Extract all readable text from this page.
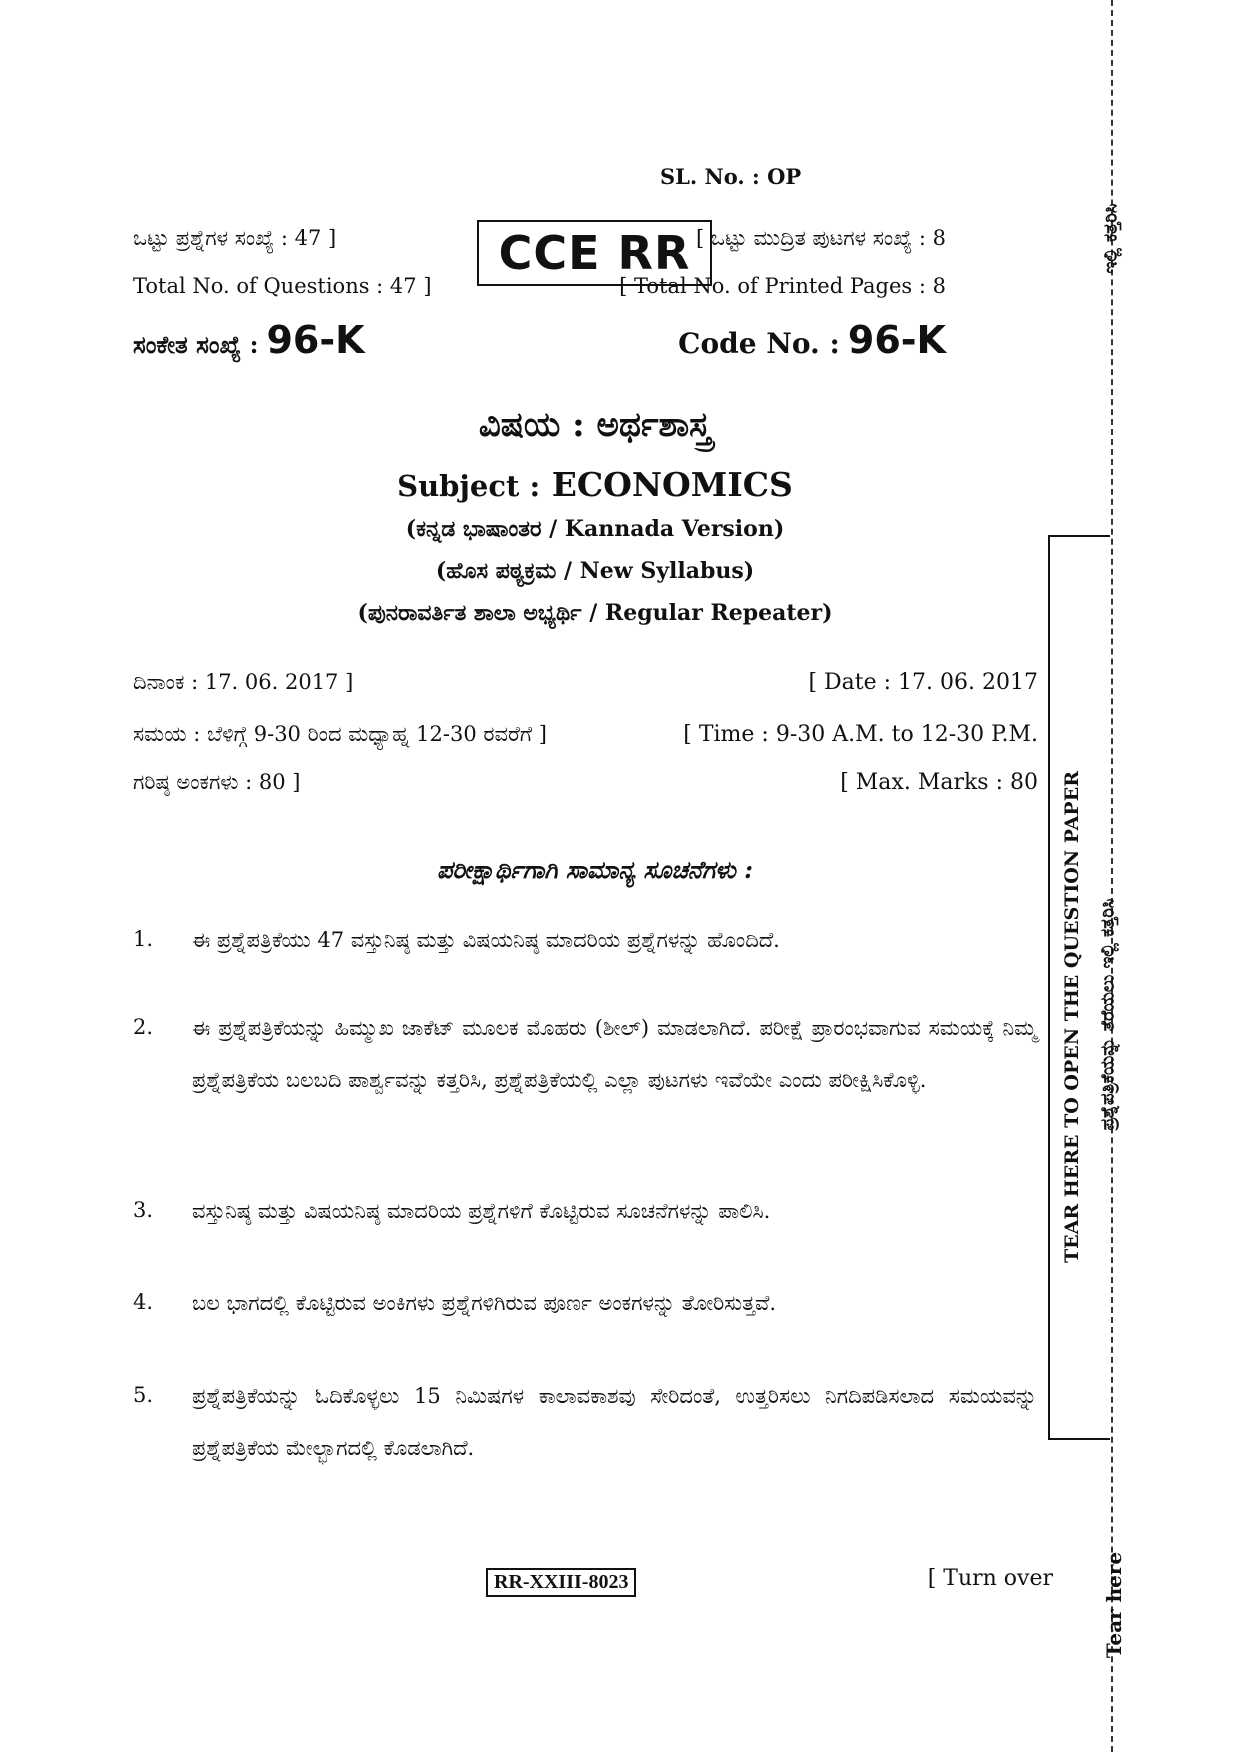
SL. No. : OP
ಒಟ್ಟು ಪ್ರಶ್ನೆಗಳ ಸಂಖ್ಯೆ : 47 ]
Total No. of Questions : 47 ]
CCE RR [ ಒಟ್ಟು ಮುದ್ರಿತ ಪುಟಗಳ ಸಂಖ್ಯೆ : 8
[ Total No. of Printed Pages : 8
ಸಂಕೇತ ಸಂಖ್ಯೆ : 96-K	Code No. : 96-K
ವಿಷಯ : ಅರ್ಥಶಾಸ್ತ್ರ
Subject : ECONOMICS
(ಕನ್ನಡ ಭಾಷಾಂತರ / Kannada Version)
(ಹೊಸ ಪಠ್ಯಕ್ರಮ / New Syllabus)
(ಪುನರಾವರ್ತಿತ ಶಾಲಾ ಅಭ್ಯರ್ಥಿ / Regular Repeater)
ದಿನಾಂಕ : 17. 06. 2017 ]	[ Date : 17. 06. 2017
ಸಮಯ : ಬೆಳಿಗ್ಗೆ 9-30 ರಿಂದ ಮಧ್ಯಾಹ್ನ 12-30 ರವರೆಗೆ ]	[ Time : 9-30 A.M. to 12-30 P.M.
ಗರಿಷ್ಠ ಅಂಕಗಳು : 80 ]	[ Max. Marks : 80
ಪರೀಕ್ಷಾರ್ಥಿಗಾಗಿ ಸಾಮಾನ್ಯ ಸೂಚನೆಗಳು :
1. ಈ ಪ್ರಶ್ನೆಪತ್ರಿಕೆಯು 47 ವಸ್ತುನಿಷ್ಠ ಮತ್ತು ವಿಷಯನಿಷ್ಠ ಮಾದರಿಯ ಪ್ರಶ್ನೆಗಳನ್ನು ಹೊಂದಿದೆ.
2. ಈ ಪ್ರಶ್ನೆಪತ್ರಿಕೆಯನ್ನು ಹಿಮ್ಮುಖ ಜಾಕೆಟ್ ಮೂಲಕ ಮೊಹರು (ಶೀಲ್) ಮಾಡಲಾಗಿದೆ. ಪರೀಕ್ಷೆ ಪ್ರಾರಂಭವಾಗುವ ಸಮಯಕ್ಕೆ ನಿಮ್ಮ ಪ್ರಶ್ನೆಪತ್ರಿಕೆಯ ಬಲಬದಿ ಪಾರ್ಶ್ವವನ್ನು ಕತ್ತರಿಸಿ, ಪ್ರಶ್ನೆಪತ್ರಿಕೆಯಲ್ಲಿ ಎಲ್ಲಾ ಪುಟಗಳು ಇವೆಯೇ ಎಂದು ಪರೀಕ್ಷಿಸಿಕೊಳ್ಳಿ.
3. ವಸ್ತುನಿಷ್ಠ ಮತ್ತು ವಿಷಯನಿಷ್ಠ ಮಾದರಿಯ ಪ್ರಶ್ನೆಗಳಿಗೆ ಕೊಟ್ಟಿರುವ ಸೂಚನೆಗಳನ್ನು ಪಾಲಿಸಿ.
4. ಬಲ ಭಾಗದಲ್ಲಿ ಕೊಟ್ಟಿರುವ ಅಂಕಿಗಳು ಪ್ರಶ್ನೆಗಳಿಗಿರುವ ಪೂರ್ಣ ಅಂಕಗಳನ್ನು ತೋರಿಸುತ್ತವೆ.
5. ಪ್ರಶ್ನೆಪತ್ರಿಕೆಯನ್ನು ಓದಿಕೊಳ್ಳಲು 15 ನಿಮಿಷಗಳ ಕಾಲಾವಕಾಶವು ಸೇರಿದಂತೆ, ಉತ್ತರಿಸಲು ನಿಗದಿಪಡಿಸಲಾದ ಸಮಯವನ್ನು ಪ್ರಶ್ನೆಪತ್ರಿಕೆಯ ಮೇಲ್ಭಾಗದಲ್ಲಿ ಕೊಡಲಾಗಿದೆ.
RR-XXIII-8023	[ Turn over
ಇಲ್ಲಿ ಕತ್ತರಿಸಿ
TEAR HERE TO OPEN THE QUESTION PAPER ಪ್ರಶ್ನೆಪತ್ರಿಕೆಯನ್ನು ತೆರೆಯಲು ಇಲ್ಲಿ ಕತ್ತರಿಸಿ
Tear here
